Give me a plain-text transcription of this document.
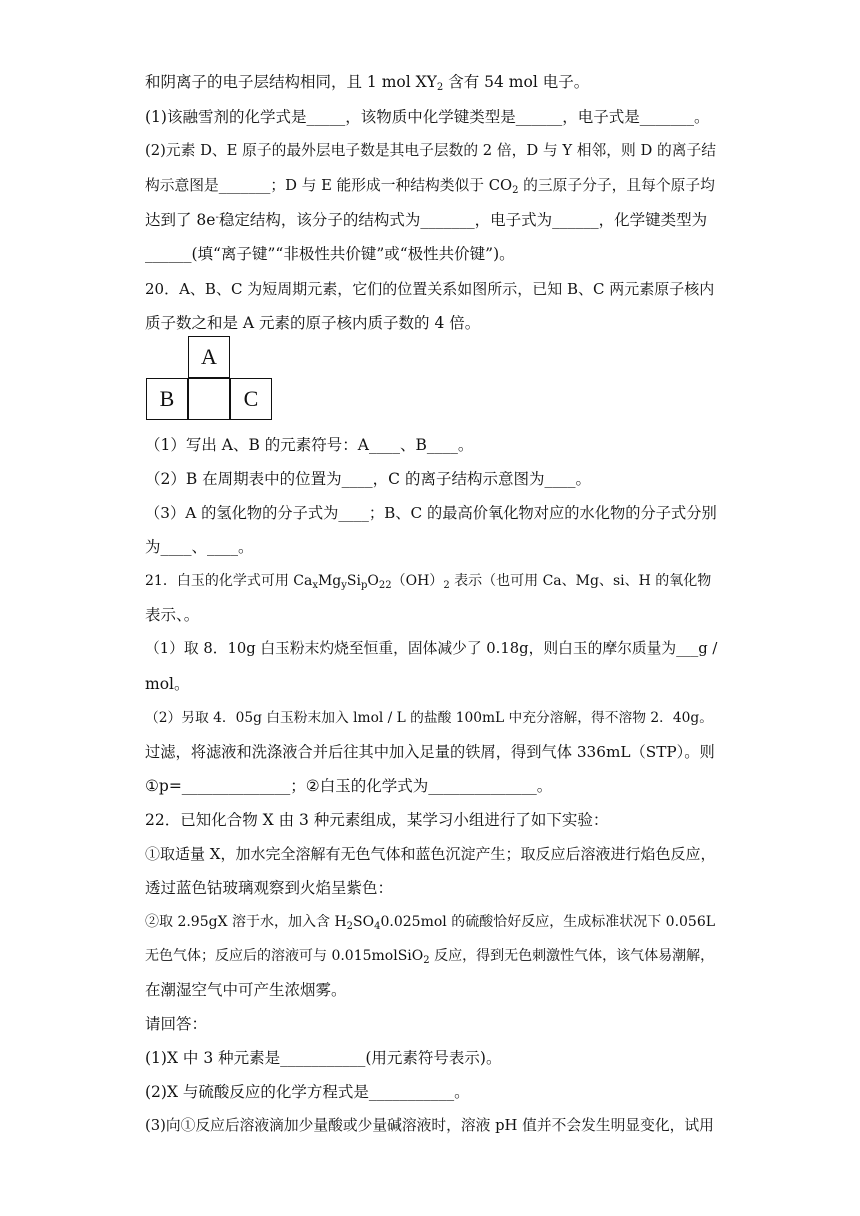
和阴离子的电子层结构相同，且 1 mol $XY_2$ 含有 54 mol 电子。
(1)该融雪剂的化学式是_____，该物质中化学键类型是______，电子式是_______。
(2)元素 D、E 原子的最外层电子数是其电子层数的 2 倍，D 与 Y 相邻，则 D 的离子结
构示意图是_______；D 与 E 能形成一种结构类似于 $CO_2$ 的三原子分子，且每个原子均
达到了 8e-稳定结构，该分子的结构式为_______，电子式为______，化学键类型为
______(填“离子键”“非极性共价键”或“极性共价键”)。
20．A、B、C 为短周期元素，它们的位置关系如图所示，已知 B、C 两元素原子核内
质子数之和是 A 元素的原子核内质子数的 4 倍。
A
B	C
（1）写出 A、B 的元素符号：A____、B____。
（2）B 在周期表中的位置为____，C 的离子结构示意图为____。
（3）A 的氢化物的分子式为____；B、C 的最高价氧化物对应的水化物的分子式分别
为____、____。
21．白玉的化学式可用 $Ca_xMg_ySi_pO_{22}(OH)_2$ 表示（也可用 Ca、Mg、si、H 的氧化物
表示、。
（1）取 8．10g 白玉粉末灼烧至恒重，固体减少了 0.18g，则白玉的摩尔质量为___g /
mol。
（2）另取 4．05g 白玉粉末加入 lmol / L 的盐酸 100mL 中充分溶解，得不溶物 2．40g。
过滤，将滤液和洗涤液合并后往其中加入足量的铁屑，得到气体 336mL（STP）。则
①p=______________；②白玉的化学式为______________。
22．已知化合物 X 由 3 种元素组成，某学习小组进行了如下实验：
①取适量 X，加水完全溶解有无色气体和蓝色沉淀产生；取反应后溶液进行焰色反应，
透过蓝色钴玻璃观察到火焰呈紫色：
②取 2.95gX 溶于水，加入含 $H_2SO_40.025mol$ 的硫酸恰好反应，生成标准状况下 0.056L
无色气体；反应后的溶液可与 0.015molSiO$_2$ 反应，得到无色刺激性气体，该气体易潮解，
在潮湿空气中可产生浓烟雾。
请回答：
(1)X 中 3 种元素是___________(用元素符号表示)。
(2)X 与硫酸反应的化学方程式是___________。
(3)向①反应后溶液滴加少量酸或少量碱溶液时，溶液 pH 值并不会发生明显变化，试用
